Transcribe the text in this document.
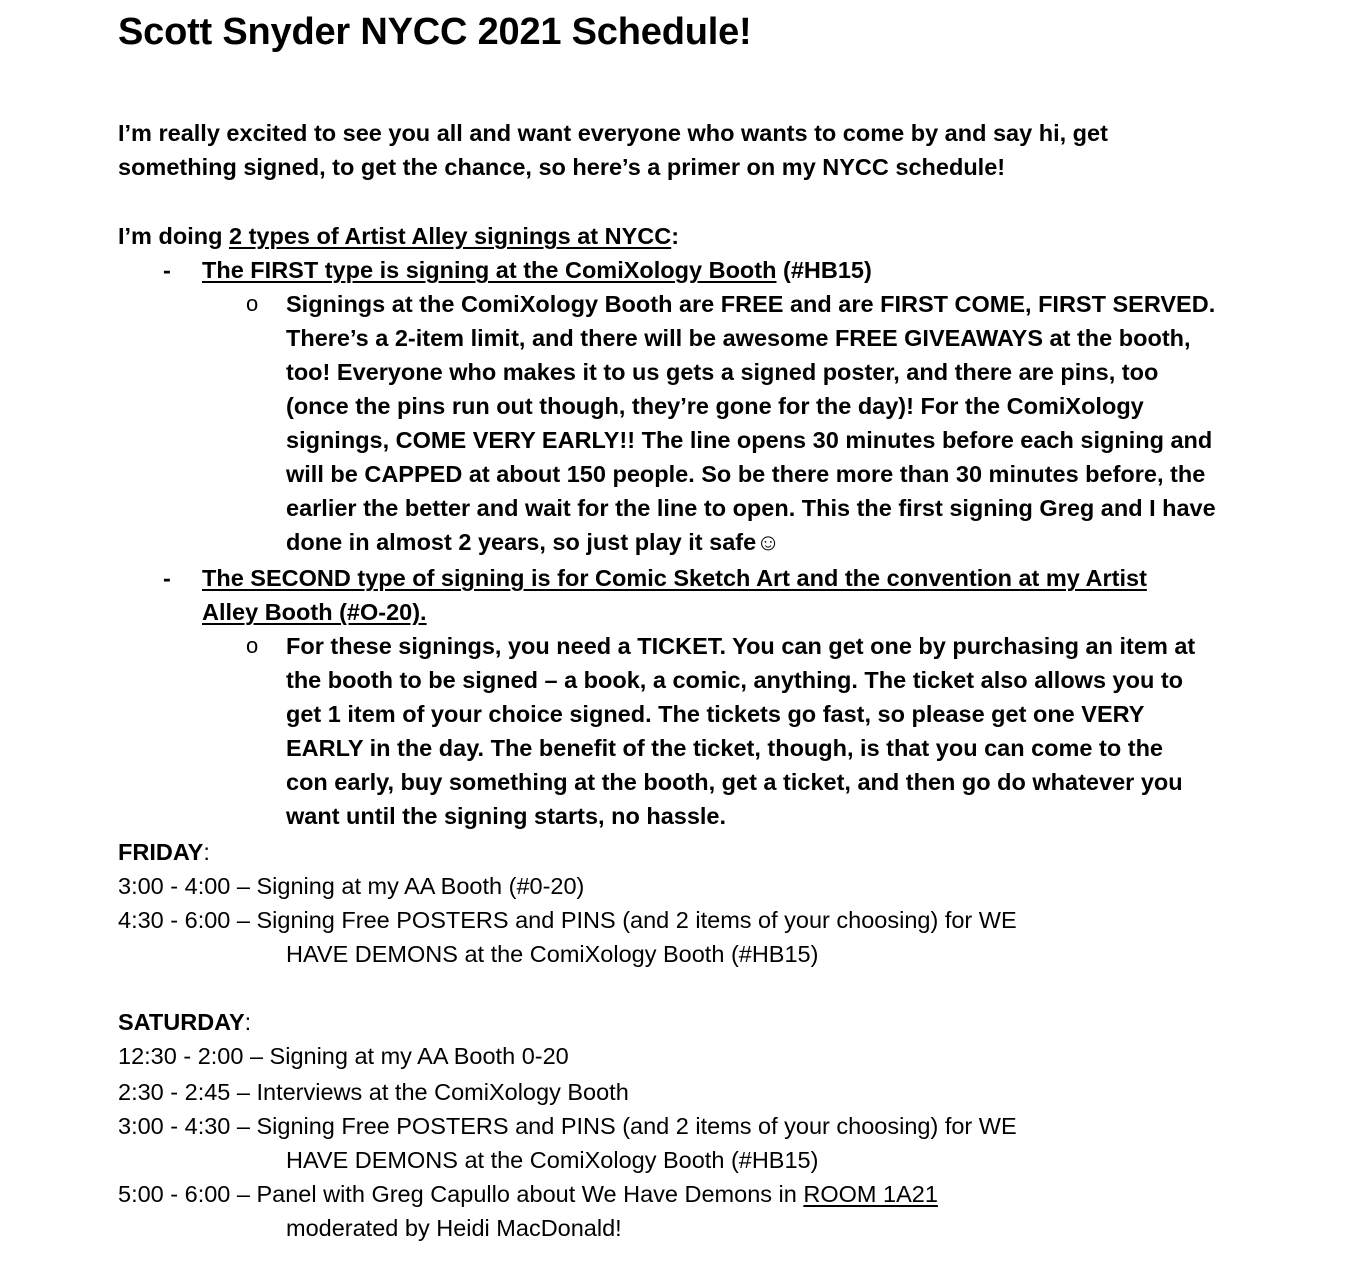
Scott Snyder NYCC 2021 Schedule!
I’m really excited to see you all and want everyone who wants to come by and say hi, get something signed, to get the chance, so here’s a primer on my NYCC schedule!
I’m doing 2 types of Artist Alley signings at NYCC:
-	The FIRST type is signing at the ComiXology Booth (#HB15)
o Signings at the ComiXology Booth are FREE and are FIRST COME, FIRST SERVED. There’s a 2-item limit, and there will be awesome FREE GIVEAWAYS at the booth, too! Everyone who makes it to us gets a signed poster, and there are pins, too (once the pins run out though, they’re gone for the day)! For the ComiXology signings, COME VERY EARLY!! The line opens 30 minutes before each signing and will be CAPPED at about 150 people. So be there more than 30 minutes before, the earlier the better and wait for the line to open. This the first signing Greg and I have done in almost 2 years, so just play it safe☺
-	The SECOND type of signing is for Comic Sketch Art and the convention at my Artist Alley Booth (#O-20).
o For these signings, you need a TICKET. You can get one by purchasing an item at the booth to be signed – a book, a comic, anything. The ticket also allows you to get 1 item of your choice signed. The tickets go fast, so please get one VERY EARLY in the day. The benefit of the ticket, though, is that you can come to the con early, buy something at the booth, get a ticket, and then go do whatever you want until the signing starts, no hassle.
FRIDAY:
3:00 - 4:00 – Signing at my AA Booth (#0-20)
4:30 - 6:00 – Signing Free POSTERS and PINS (and 2 items of your choosing) for WE
HAVE DEMONS at the ComiXology Booth (#HB15)
SATURDAY:
12:30 - 2:00 – Signing at my AA Booth 0-20
2:30 - 2:45 – Interviews at the ComiXology Booth
3:00 - 4:30 – Signing Free POSTERS and PINS (and 2 items of your choosing) for WE
HAVE DEMONS at the ComiXology Booth (#HB15)
5:00 - 6:00 – Panel with Greg Capullo about We Have Demons in ROOM 1A21
moderated by Heidi MacDonald!
